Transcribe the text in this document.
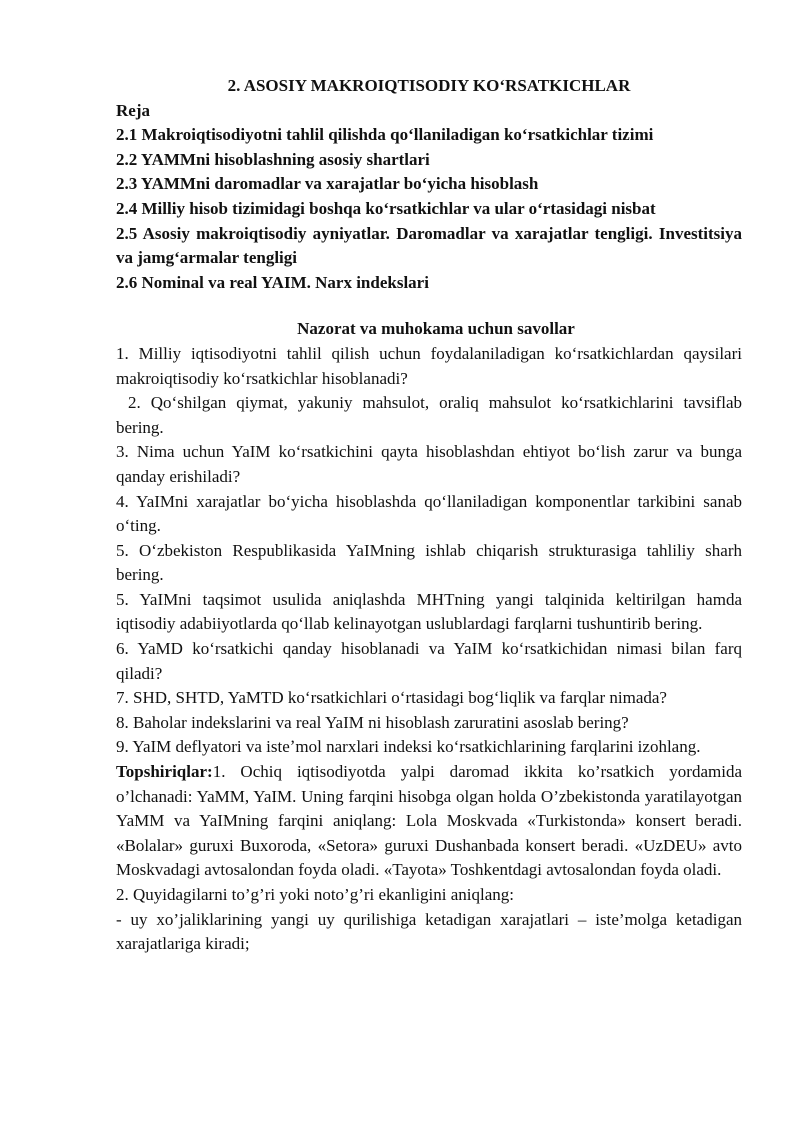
2. ASOSIY MAKROIQTISODIY KOʻRSATKICHLAR
Reja
2.1 Makroiqtisodiyotni tahlil qilishda qoʻllaniladigan koʻrsatkichlar tizimi
2.2 YAMMni hisoblashning asosiy shartlari
2.3 YAMMni daromadlar va xarajatlar boʻyicha hisoblash
2.4 Milliy hisob tizimidagi boshqa koʻrsatkichlar va ular oʻrtasidagi nisbat
2.5 Asosiy makroiqtisodiy ayniyatlar. Daromadlar va xarajatlar tengligi. Investitsiya va jamgʻarmalar tengligi
2.6 Nominal va real YAIM. Narx indekslari
Nazorat va muhokama uchun savollar
1. Milliy iqtisodiyotni tahlil qilish uchun foydalaniladigan koʻrsatkichlardan qaysilari makroiqtisodiy koʻrsatkichlar hisoblanadi?
2. Qoʻshilgan qiymat, yakuniy mahsulot, oraliq mahsulot koʻrsatkichlarini tavsiflab bering.
3. Nima uchun YaIM koʻrsatkichini qayta hisoblashdan ehtiyot boʻlish zarur va bunga qanday erishiladi?
4. YaIMni xarajatlar boʻyicha hisoblashda qoʻllaniladigan komponentlar tarkibini sanab oʻting.
5. Oʻzbekiston Respublikasida YaIMning ishlab chiqarish strukturasiga tahliliy sharh bering.
5. YaIMni taqsimot usulida aniqlashda MHTning yangi talqinida keltirilgan hamda iqtisodiy adabiiyotlarda qoʻllab kelinayotgan uslublardagi farqlarni tushuntirib bering.
6. YaMD koʻrsatkichi qanday hisoblanadi va YaIM koʻrsatkichidan nimasi bilan farq qiladi?
7. SHD, SHTD, YaMTD koʻrsatkichlari oʻrtasidagi bogʻliqlik va farqlar nimada?
8. Baholar indekslarini va real YaIM ni hisoblash zaruratini asoslab bering?
9. YaIM deflyatori va isteʼmol narxlari indeksi koʻrsatkichlarining farqlarini izohlang.
Topshiriqlar:1. Ochiq iqtisodiyotda yalpi daromad ikkita ko’rsatkich yordamida o’lchanadi: YaMM, YaIM. Uning farqini hisobga olgan holda O’zbekistonda yaratilayotgan YaMM va YaIMning farqini aniqlang: Lola Moskvada «Turkistonda» konsert beradi. «Bolalar» guruxi Buxoroda, «Setora» guruxi Dushanbada konsert beradi. «UzDEU» avto Moskvadagi avtosalondan foyda oladi. «Tayota» Toshkentdagi avtosalondan foyda oladi.
2. Quyidagilarni to’g’ri yoki noto’g’ri ekanligini aniqlang:
- uy xo’jaliklarining yangi uy qurilishiga ketadigan xarajatlari – iste’molga ketadigan xarajatlariga kiradi;
